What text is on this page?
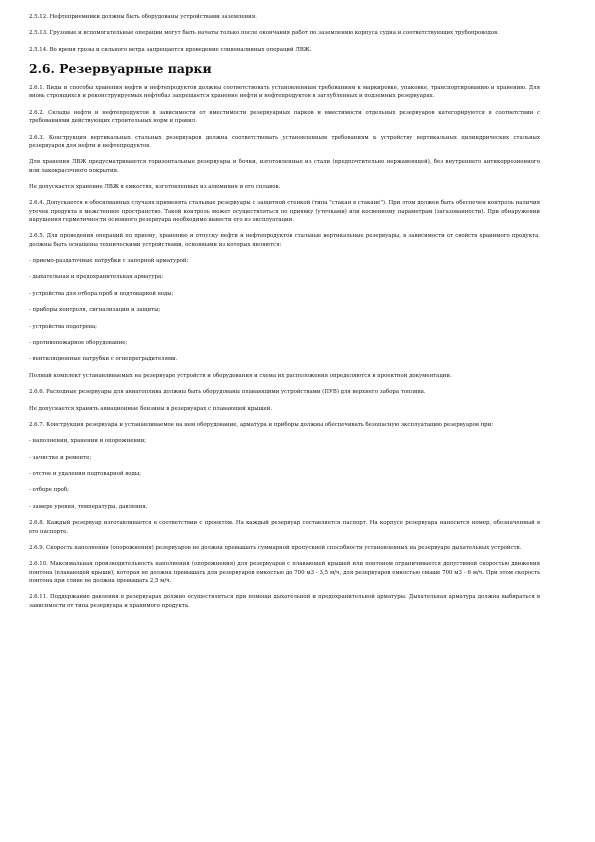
2.5.12. Нефтеприемники должны быть оборудованы устройствами заземления.

2.5.13. Грузовые и вспомогательные операции могут быть начаты только после окончания работ по заземлению корпуса судна и соответствующих трубопроводов.

2.5.14. Во время грозы и сильного ветра запрещается проведение сливоналивных операций ЛВЖ.

2.6. Резервуарные парки

2.6.1. Виды и способы хранения нефти и нефтепродуктов должны соответствовать установленным требованиям к маркировке, упаковке, транспортированию и хранению. Для вновь строящихся и реконструируемых нефтебаз запрещается хранение нефти и нефтепродуктов в заглубленных и подземных резервуарах.

2.6.2. Склады нефти и нефтепродуктов в зависимости от вместимости резервуарных парков и вместимости отдельных резервуаров категорируются в соответствии с требованиями действующих строительных норм и правил.

2.6.3. Конструкция вертикальных стальных резервуаров должна соответствовать установленным требованиям к устройству вертикальных цилиндрических стальных резервуаров для нефти и нефтепродуктов.

Для хранения ЛВЖ предусматриваются горизонтальные резервуары и бочки, изготовленные из стали (предпочтительно нержавеющей), без внутреннего антикоррозионного или лакокрасочного покрытия.

Не допускается хранение ЛВЖ в емкостях, изготовленных из алюминия и его сплавов.

2.6.4. Допускается в обоснованных случаях применять стальные резервуары с защитной стенкой (типа "стакан в стакане"). При этом должен быть обеспечен контроль наличия утечек продукта в межстенное пространство. Такой контроль может осуществляться по приявку (утечками) или косвенному параметрам (загазованности). При обнаружении нарушения герметичности основного резервуара необходимо вывести его из эксплуатации.

2.6.5. Для проведения операций по приему, хранению и отпуску нефти и нефтепродуктов стальные вертикальные резервуары, в зависимости от свойств хранимого продукта, должны быть оснащены техническими устройствами, основными из которых являются:

- приемо-раздаточные патрубки с запорной арматурой;

- дыхательная и предохранительная арматура;

- устройства для отбора проб и подтоварной воды;

- приборы контроля, сигнализации и защиты;

- устройства подогрева;

- противопожарное оборудование;

- вентиляционные патрубки с огнепреградителями.

Полный комплект устанавливаемых на резервуаре устройств и оборудования и схема их расположения определяются в проектной документации.

2.6.6. Расходные резервуары для авиатоплива должны быть оборудованы плавающими устройствами (ПУВ) для верхнего забора топлива.

Не допускается хранить авиационные бензины в резервуарах с плавающей крышей.

2.6.7. Конструкция резервуара и устанавливаемое на нем оборудование, арматура и приборы должны обеспечивать безопасную эксплуатацию резервуаров при:

- наполнении, хранении и опорожнении;

- зачистке и ремонте;

- отстое и удалении подтоварной воды;

- отборе проб;

- замере уровня, температуры, давления.

2.6.8. Каждый резервуар изготавливается в соответствии с проектом. На каждый резервуар составляется паспорт. На корпусе резервуара наносится номер, обозначенный в его паспорте.

2.6.9. Скорость наполнения (опорожнения) резервуаров не должна превышать суммарной пропускной способности установленных на резервуаре дыхательных устройств.

2.6.10. Максимальная производительность наполнения (опорожнения) для резервуаров с плавающей крышей или понтоном ограничивается допустимой скоростью движения понтона (плавающей крыши), которая не должна превышать для резервуаров емкостью до 700 м3 - 3,5 м/ч, для резервуаров емкостью свыше 700 м3 - 6 м/ч. При этом скорость понтона при сливе не должна превышать 2,5 м/ч.

2.6.11. Поддержание давления в резервуарах должно осуществляться при помощи дыхательной и предохранительной арматуры. Дыхательная арматура должна выбираться в зависимости от типа резервуара и хранимого продукта.
